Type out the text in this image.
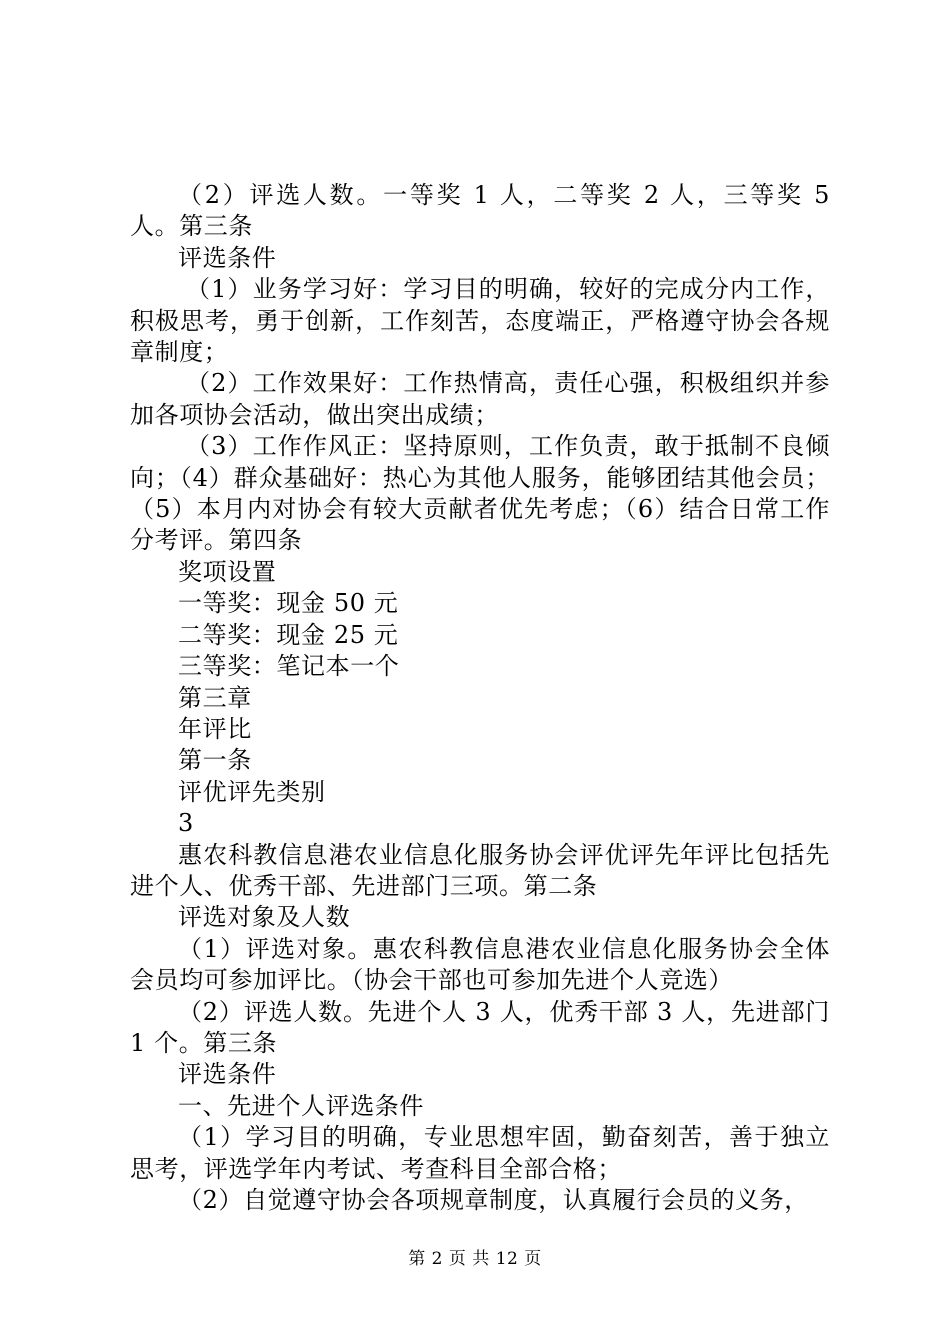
（2）评选人数。一等奖 1 人，二等奖 2 人，三等奖 5 人。第三条

评选条件

（1）业务学习好：学习目的明确，较好的完成分内工作，积极思考，勇于创新，工作刻苦，态度端正，严格遵守协会各规章制度；

（2）工作效果好：工作热情高，责任心强，积极组织并参加各项协会活动，做出突出成绩；

（3）工作作风正：坚持原则，工作负责，敢于抵制不良倾向；（4）群众基础好：热心为其他人服务，能够团结其他会员；（5）本月内对协会有较大贡献者优先考虑；（6）结合日常工作分考评。第四条

奖项设置

一等奖：现金 50 元

二等奖：现金 25 元

三等奖：笔记本一个

第三章

年评比

第一条

评优评先类别

3

惠农科教信息港农业信息化服务协会评优评先年评比包括先进个人、优秀干部、先进部门三项。第二条

评选对象及人数

（1）评选对象。惠农科教信息港农业信息化服务协会全体会员均可参加评比。（协会干部也可参加先进个人竞选）

（2）评选人数。先进个人 3 人，优秀干部 3 人，先进部门 1 个。第三条

评选条件

一、先进个人评选条件

（1）学习目的明确，专业思想牢固，勤奋刻苦，善于独立思考，评选学年内考试、考查科目全部合格；

（2）自觉遵守协会各项规章制度，认真履行会员的义务，

第 2 页 共 12 页
